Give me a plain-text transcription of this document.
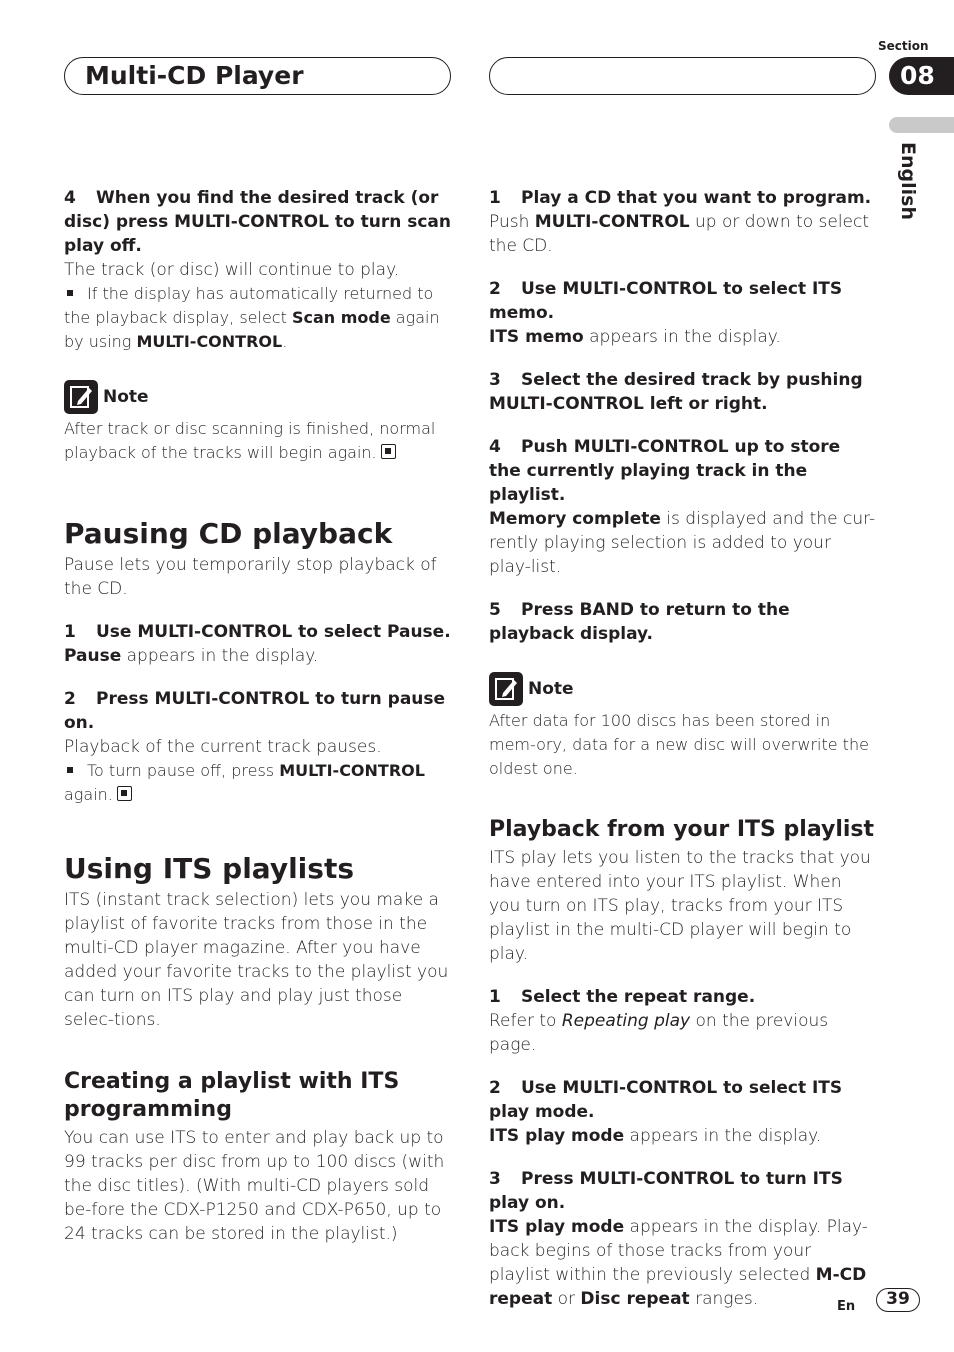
Multi-CD Player
Section
08
English

4 When you find the desired track (or disc) press MULTI-CONTROL to turn scan play off.

The track (or disc) will continue to play.

If the display has automatically returned to the playback display, select Scan mode again by using MULTI-CONTROL.

Note

After track or disc scanning is finished, normal playback of the tracks will begin again.

Pausing CD playback

Pause lets you temporarily stop playback of the CD.

1 Use MULTI-CONTROL to select Pause.

Pause appears in the display.

2 Press MULTI-CONTROL to turn pause on.

Playback of the current track pauses.

To turn pause off, press MULTI-CONTROL again.

Using ITS playlists

ITS (instant track selection) lets you make a playlist of favorite tracks from those in the multi-CD player magazine. After you have added your favorite tracks to the playlist you can turn on ITS play and play just those selec-tions.

Creating a playlist with ITS programming

You can use ITS to enter and play back up to 99 tracks per disc from up to 100 discs (with the disc titles). (With multi-CD players sold be-fore the CDX-P1250 and CDX-P650, up to 24 tracks can be stored in the playlist.)

1 Play a CD that you want to program.

Push MULTI-CONTROL up or down to select the CD.

2 Use MULTI-CONTROL to select ITS memo.

ITS memo appears in the display.

3 Select the desired track by pushing MULTI-CONTROL left or right.

4 Push MULTI-CONTROL up to store the currently playing track in the playlist.

Memory complete is displayed and the cur-rently playing selection is added to your play-list.

5 Press BAND to return to the playback display.

Note

After data for 100 discs has been stored in mem-ory, data for a new disc will overwrite the oldest one.

Playback from your ITS playlist

ITS play lets you listen to the tracks that you have entered into your ITS playlist. When you turn on ITS play, tracks from your ITS playlist in the multi-CD player will begin to play.

1 Select the repeat range.

Refer to Repeating play on the previous page.

2 Use MULTI-CONTROL to select ITS play mode.

ITS play mode appears in the display.

3 Press MULTI-CONTROL to turn ITS play on.

ITS play mode appears in the display. Play-back begins of those tracks from your playlist within the previously selected M-CD repeat or Disc repeat ranges.	En	39
